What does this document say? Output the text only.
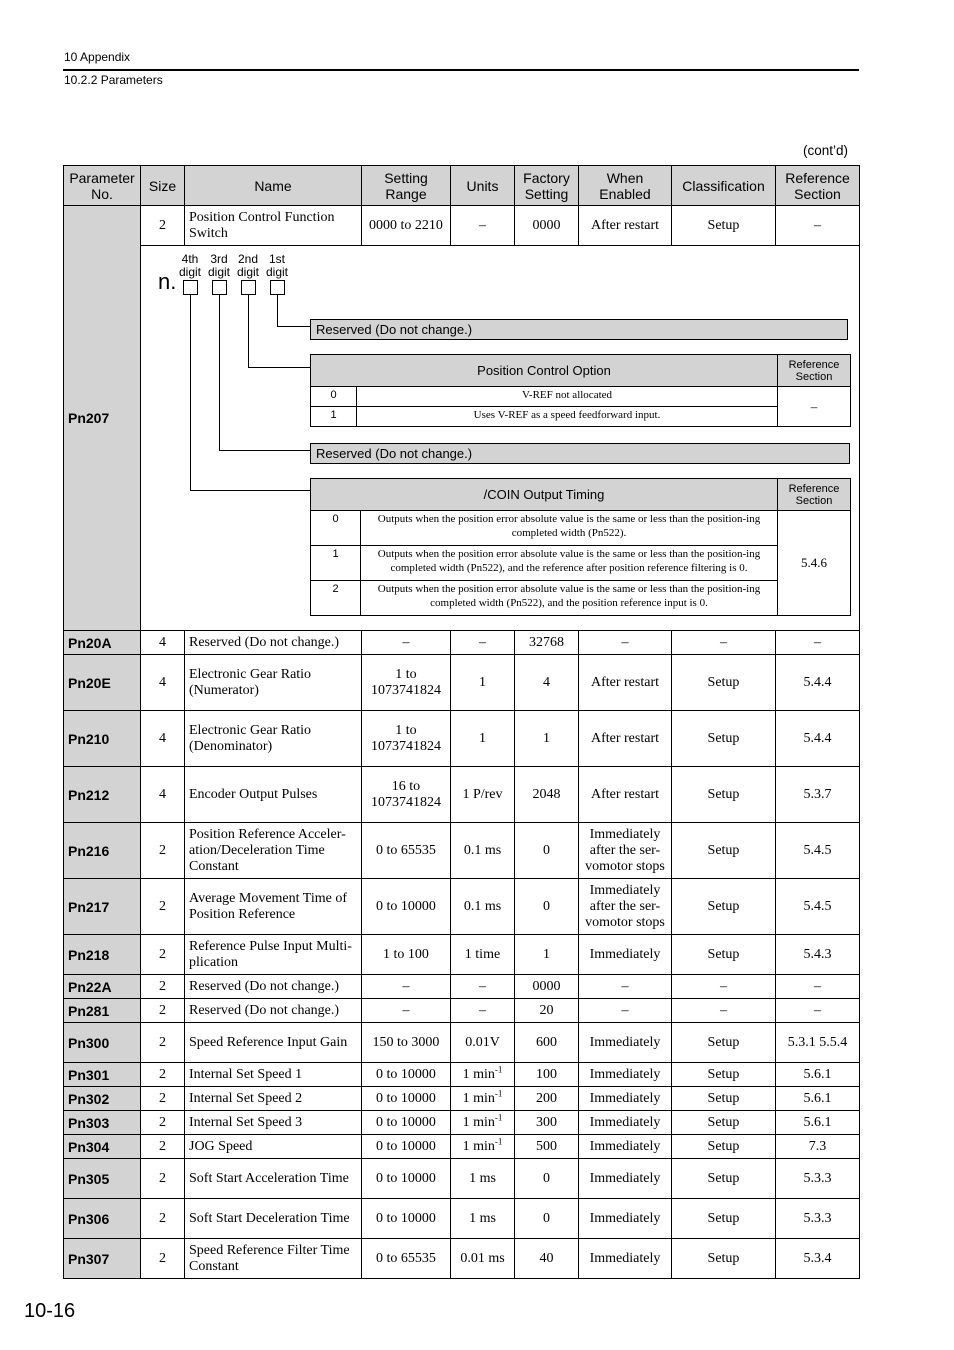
10 Appendix
10.2.2 Parameters
(cont’d)
Parameter No.	Size	Name	Setting Range	Units	Factory Setting	When Enabled	Classification	Reference Section
Pn207	2	Position Control Function Switch	0000 to 2210	–	0000	After restart	Setup	–

4th digit
3rd digit
2nd digit
1st digit
n.
Reserved (Do not change.)
Position Control Option	Reference Section
0	V-REF not allocated	–
1	Uses V-REF as a speed feedforward input.
Reserved (Do not change.)
/COIN Output Timing	Reference Section
0	Outputs when the position error absolute value is the same or less than the position-ing completed width (Pn522).	5.4.6
1	Outputs when the position error absolute value is the same or less than the position-ing completed width (Pn522), and the reference after position reference filtering is 0.
2	Outputs when the position error absolute value is the same or less than the position-ing completed width (Pn522), and the position reference input is 0.

Pn20A	4	Reserved (Do not change.)	–	–	32768	–	–	–
Pn20E	4	Electronic Gear Ratio (Numerator)	1 to 1073741824	1	4	After restart	Setup	5.4.4
Pn210	4	Electronic Gear Ratio (Denominator)	1 to 1073741824	1	1	After restart	Setup	5.4.4
Pn212	4	Encoder Output Pulses	16 to 1073741824	1 P/rev	2048	After restart	Setup	5.3.7
Pn216	2	Position Reference Acceler-ation/Deceleration Time Constant	0 to 65535	0.1 ms	0	Immediately after the ser-vomotor stops	Setup	5.4.5
Pn217	2	Average Movement Time of Position Reference	0 to 10000	0.1 ms	0	Immediately after the ser-vomotor stops	Setup	5.4.5
Pn218	2	Reference Pulse Input Multi-plication	1 to 100	1 time	1	Immediately	Setup	5.4.3
Pn22A	2	Reserved (Do not change.)	–	–	0000	–	–	–
Pn281	2	Reserved (Do not change.)	–	–	20	–	–	–
Pn300	2	Speed Reference Input Gain	150 to 3000	0.01V	600	Immediately	Setup	5.3.1 5.5.4
Pn301	2	Internal Set Speed 1	0 to 10000	1 $\min^{-1}$	100	Immediately	Setup	5.6.1
Pn302	2	Internal Set Speed 2	0 to 10000	1 $\min^{-1}$	200	Immediately	Setup	5.6.1
Pn303	2	Internal Set Speed 3	0 to 10000	1 $\min^{-1}$	300	Immediately	Setup	5.6.1
Pn304	2	JOG Speed	0 to 10000	1 $\min^{-1}$	500	Immediately	Setup	7.3
Pn305	2	Soft Start Acceleration Time	0 to 10000	1 ms	0	Immediately	Setup	5.3.3
Pn306	2	Soft Start Deceleration Time	0 to 10000	1 ms	0	Immediately	Setup	5.3.3
Pn307	2	Speed Reference Filter Time Constant	0 to 65535	0.01 ms	40	Immediately	Setup	5.3.4
10-16
